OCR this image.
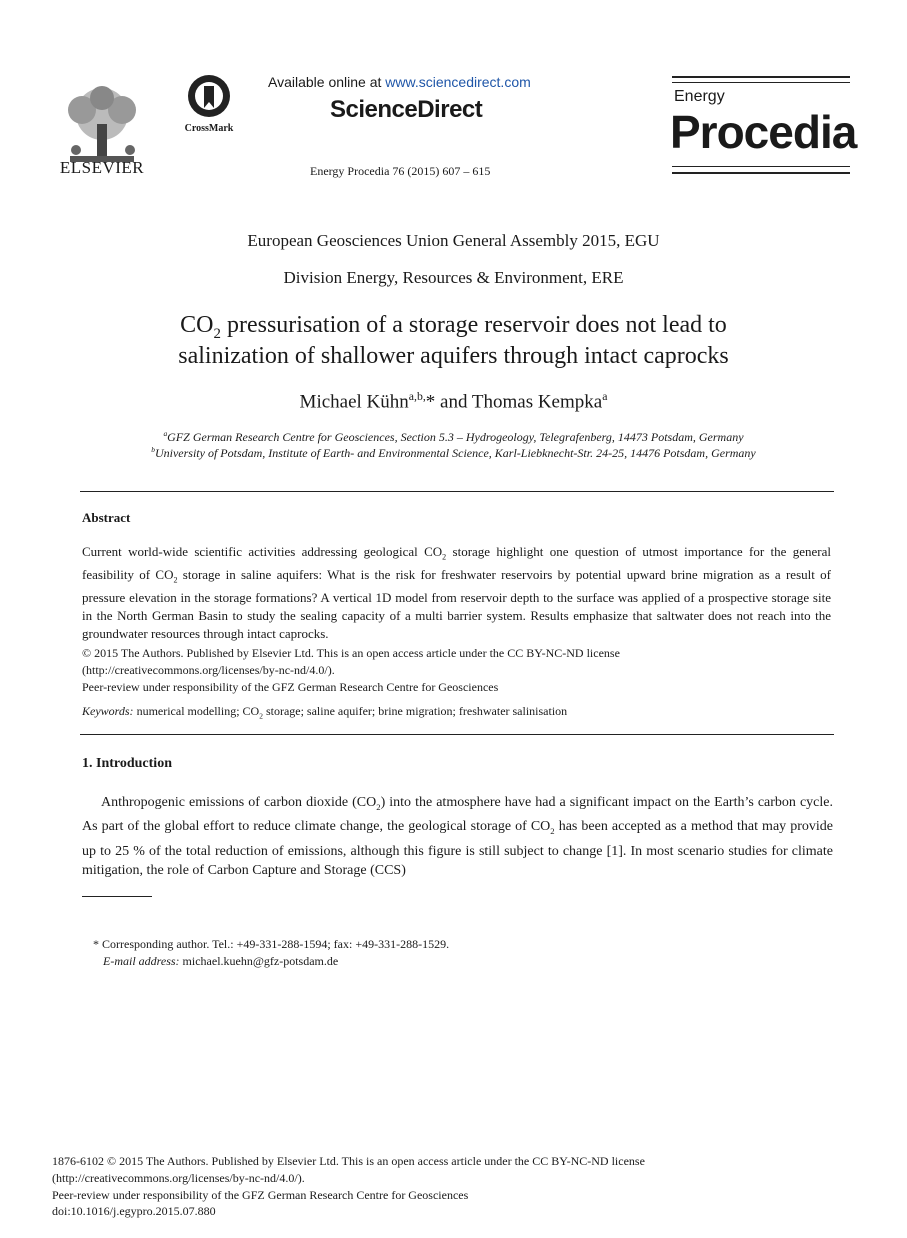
ELSEVIER
CrossMark
Available online at www.sciencedirect.com
ScienceDirect
Energy Procedia 76 (2015) 607 – 615
Energy
Procedia
European Geosciences Union General Assembly 2015, EGU
Division Energy, Resources & Environment, ERE
$CO_2$ pressurisation of a storage reservoir does not lead to
salinization of shallower aquifers through intact caprocks
Michael Kühn$^{a,b,}$* and Thomas Kempka$^a$
$^a$GFZ German Research Centre for Geosciences, Section 5.3 – Hydrogeology, Telegrafenberg, 14473 Potsdam, Germany
$^b$University of Potsdam, Institute of Earth- and Environmental Science, Karl-Liebknecht-Str. 24-25, 14476 Potsdam, Germany
Abstract
Current world-wide scientific activities addressing geological $CO_2$ storage highlight one question of utmost importance for the general feasibility of $CO_2$ storage in saline aquifers: What is the risk for freshwater reservoirs by potential upward brine migration as a result of pressure elevation in the storage formations? A vertical 1D model from reservoir depth to the surface was applied of a prospective storage site in the North German Basin to study the sealing capacity of a multi barrier system. Results emphasize that saltwater does not reach into the groundwater resources through intact caprocks.
© 2015 The Authors. Published by Elsevier Ltd. This is an open access article under the CC BY-NC-ND license
(http://creativecommons.org/licenses/by-nc-nd/4.0/).
Peer-review under responsibility of the GFZ German Research Centre for Geosciences
Keywords: numerical modelling; $CO_2$ storage; saline aquifer; brine migration; freshwater salinisation
1. Introduction
Anthropogenic emissions of carbon dioxide $(CO_2)$ into the atmosphere have had a significant impact on the Earth’s carbon cycle. As part of the global effort to reduce climate change, the geological storage of $CO_2$ has been accepted as a method that may provide up to 25 % of the total reduction of emissions, although this figure is still subject to change [1]. In most scenario studies for climate mitigation, the role of Carbon Capture and Storage (CCS)
* Corresponding author. Tel.: +49-331-288-1594; fax: +49-331-288-1529.
E-mail address: michael.kuehn@gfz-potsdam.de
1876-6102 © 2015 The Authors. Published by Elsevier Ltd. This is an open access article under the CC BY-NC-ND license
(http://creativecommons.org/licenses/by-nc-nd/4.0/).
Peer-review under responsibility of the GFZ German Research Centre for Geosciences
doi:10.1016/j.egypro.2015.07.880
